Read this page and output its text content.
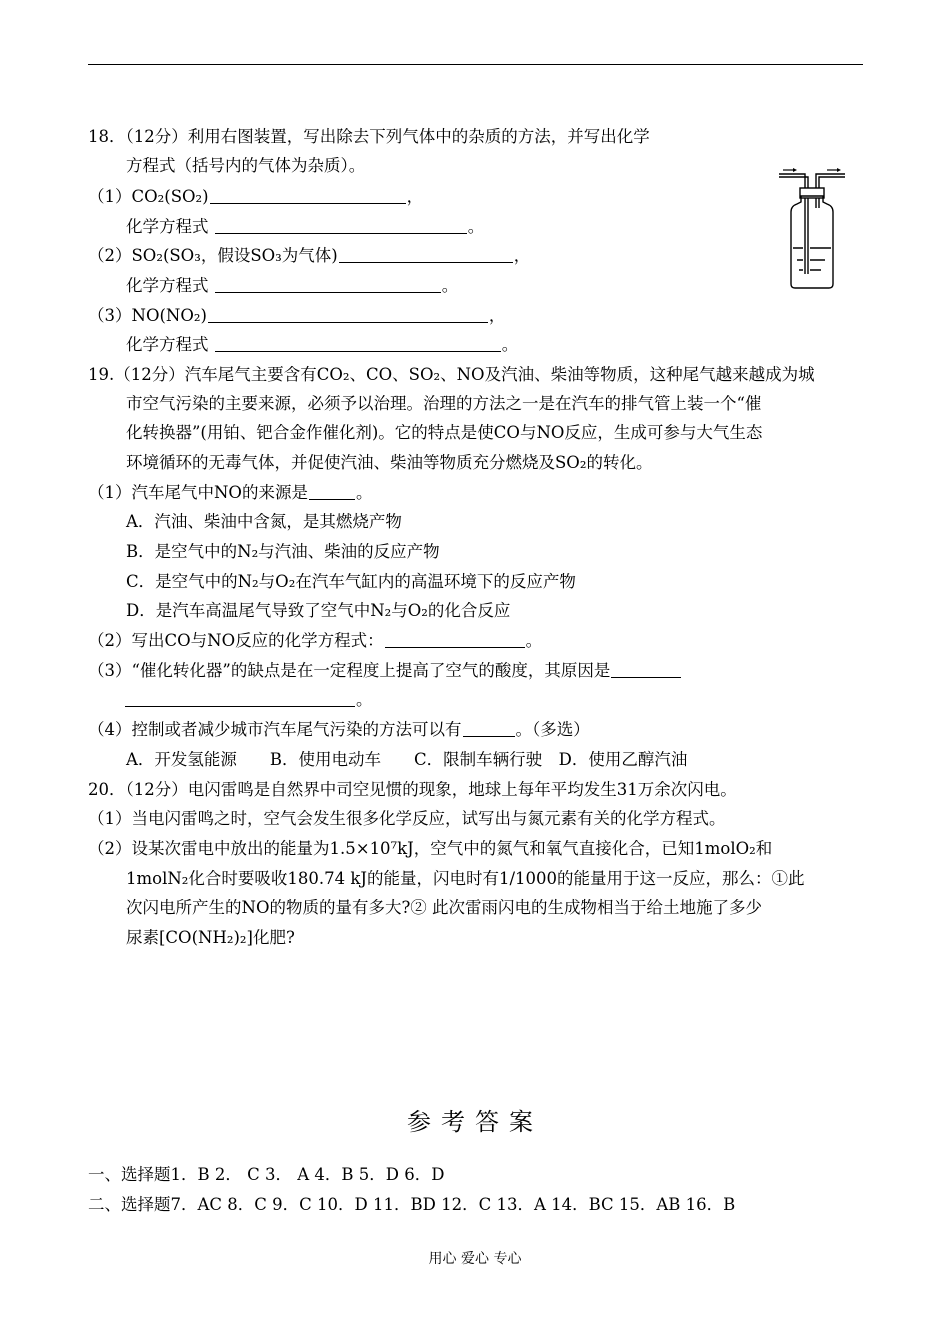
18．（12分）利用右图装置，写出除去下列气体中的杂质的方法，并写出化学
方程式（括号内的气体为杂质）。
（1）CO₂(SO₂)	，
化学方程式	。
（2）SO₂(SO₃，假设SO₃为气体)	，
化学方程式	。
（3）NO(NO₂)	，
化学方程式	。
19.（12分）汽车尾气主要含有CO₂、CO、SO₂、NO及汽油、柴油等物质，这种尾气越来越成为城
市空气污染的主要来源，必须予以治理。治理的方法之一是在汽车的排气管上装一个“催
化转换器”(用铂、钯合金作催化剂)。它的特点是使CO与NO反应，生成可参与大气生态
环境循环的无毒气体，并促使汽油、柴油等物质充分燃烧及SO₂的转化。
（1）汽车尾气中NO的来源是	。
A．汽油、柴油中含氮，是其燃烧产物
B．是空气中的N₂与汽油、柴油的反应产物
C．是空气中的N₂与O₂在汽车气缸内的高温环境下的反应产物
D．是汽车高温尾气导致了空气中N₂与O₂的化合反应
（2）写出CO与NO反应的化学方程式：	。
（3）“催化转化器”的缺点是在一定程度上提高了空气的酸度，其原因是
。
（4）控制或者减少城市汽车尾气污染的方法可以有	。（多选）
A．开发氢能源　　B．使用电动车　　C．限制车辆行驶　D．使用乙醇汽油
20．（12分）电闪雷鸣是自然界中司空见惯的现象，地球上每年平均发生31万余次闪电。
（1）当电闪雷鸣之时，空气会发生很多化学反应，试写出与氮元素有关的化学方程式。
（2）设某次雷电中放出的能量为1.5×10⁷kJ，空气中的氮气和氧气直接化合，已知1molO₂和
1molN₂化合时要吸收180.74 kJ的能量，闪电时有1/1000的能量用于这一反应，那么：①此
次闪电所产生的NO的物质的量有多大?② 此次雷雨闪电的生成物相当于给土地施了多少
尿素[CO(NH₂)₂]化肥?
参考答案
一、选择题1．B 2． C 3． A 4．B 5．D 6．D
二、选择题7．AC 8．C 9．C 10．D 11．BD 12．C 13．A 14．BC 15．AB 16．B
用心 爱心 专心
